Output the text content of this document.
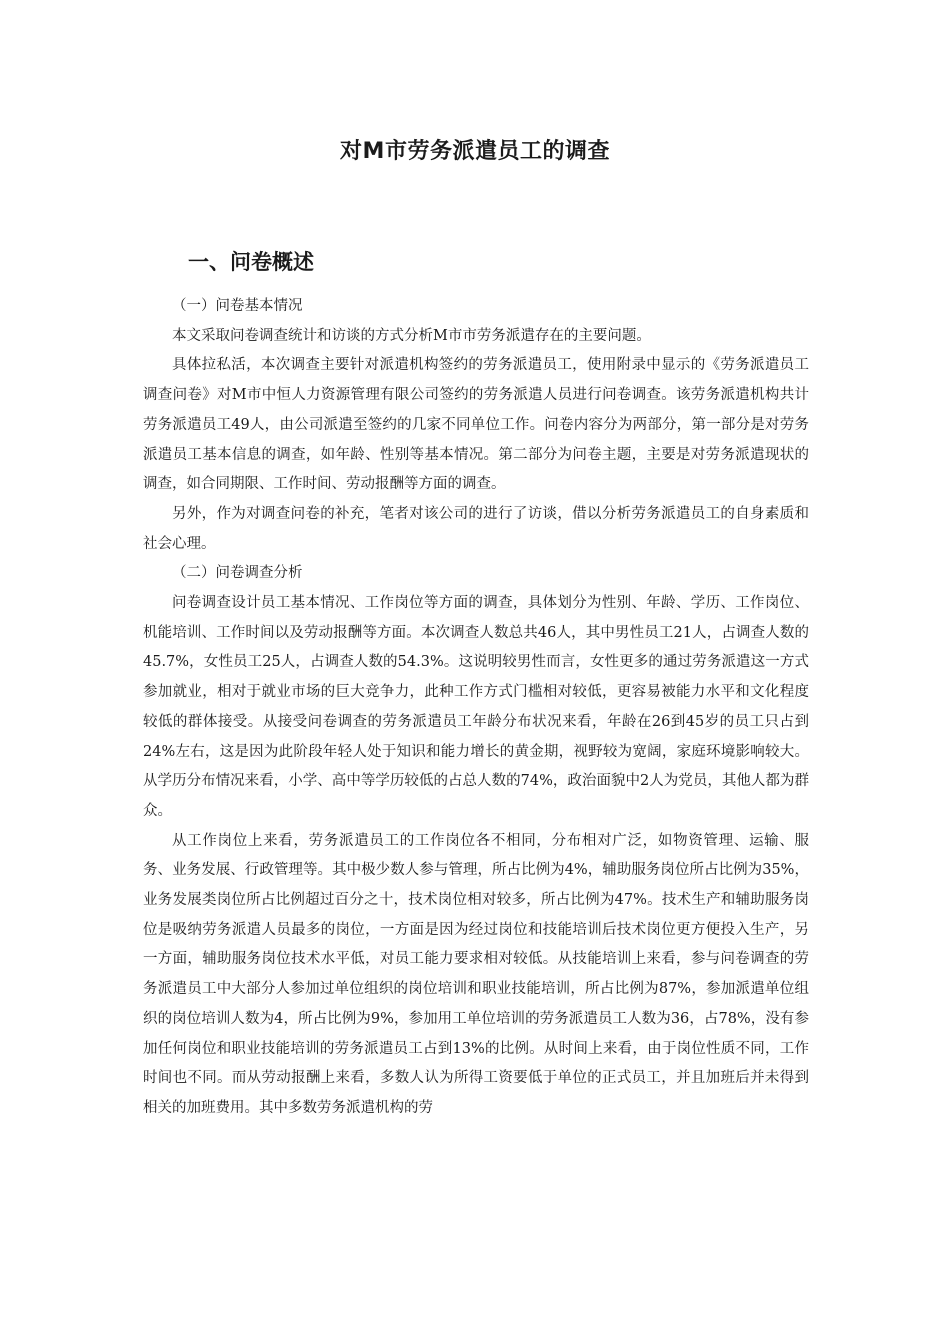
对M市劳务派遣员工的调查
一、问卷概述

（一）问卷基本情况

本文采取问卷调查统计和访谈的方式分析M市市劳务派遣存在的主要问题。

具体拉私活，本次调查主要针对派遣机构签约的劳务派遣员工，使用附录中显示的《劳务派遣员工调查问卷》对M市中恒人力资源管理有限公司签约的劳务派遣人员进行问卷调查。该劳务派遣机构共计劳务派遣员工49人，由公司派遣至签约的几家不同单位工作。问卷内容分为两部分，第一部分是对劳务派遣员工基本信息的调查，如年龄、性别等基本情况。第二部分为问卷主题，主要是对劳务派遣现状的调查，如合同期限、工作时间、劳动报酬等方面的调查。

另外，作为对调查问卷的补充，笔者对该公司的进行了访谈，借以分析劳务派遣员工的自身素质和社会心理。

（二）问卷调查分析

问卷调查设计员工基本情况、工作岗位等方面的调查，具体划分为性别、年龄、学历、工作岗位、机能培训、工作时间以及劳动报酬等方面。本次调查人数总共46人，其中男性员工21人，占调查人数的45.7%，女性员工25人，占调查人数的54.3%。这说明较男性而言，女性更多的通过劳务派遣这一方式参加就业，相对于就业市场的巨大竞争力，此种工作方式门槛相对较低，更容易被能力水平和文化程度较低的群体接受。从接受问卷调查的劳务派遣员工年龄分布状况来看，年龄在26到45岁的员工只占到24%左右，这是因为此阶段年轻人处于知识和能力增长的黄金期，视野较为宽阔，家庭环境影响较大。从学历分布情况来看，小学、高中等学历较低的占总人数的74%，政治面貌中2人为党员，其他人都为群众。

从工作岗位上来看，劳务派遣员工的工作岗位各不相同，分布相对广泛，如物资管理、运输、服务、业务发展、行政管理等。其中极少数人参与管理，所占比例为4%，辅助服务岗位所占比例为35%，业务发展类岗位所占比例超过百分之十，技术岗位相对较多，所占比例为47%。技术生产和辅助服务岗位是吸纳劳务派遣人员最多的岗位，一方面是因为经过岗位和技能培训后技术岗位更方便投入生产，另一方面，辅助服务岗位技术水平低，对员工能力要求相对较低。从技能培训上来看，参与问卷调查的劳务派遣员工中大部分人参加过单位组织的岗位培训和职业技能培训，所占比例为87%，参加派遣单位组织的岗位培训人数为4，所占比例为9%，参加用工单位培训的劳务派遣员工人数为36，占78%，没有参加任何岗位和职业技能培训的劳务派遣员工占到13%的比例。从时间上来看，由于岗位性质不同，工作时间也不同。而从劳动报酬上来看，多数人认为所得工资要低于单位的正式员工，并且加班后并未得到相关的加班费用。其中多数劳务派遣机构的劳
